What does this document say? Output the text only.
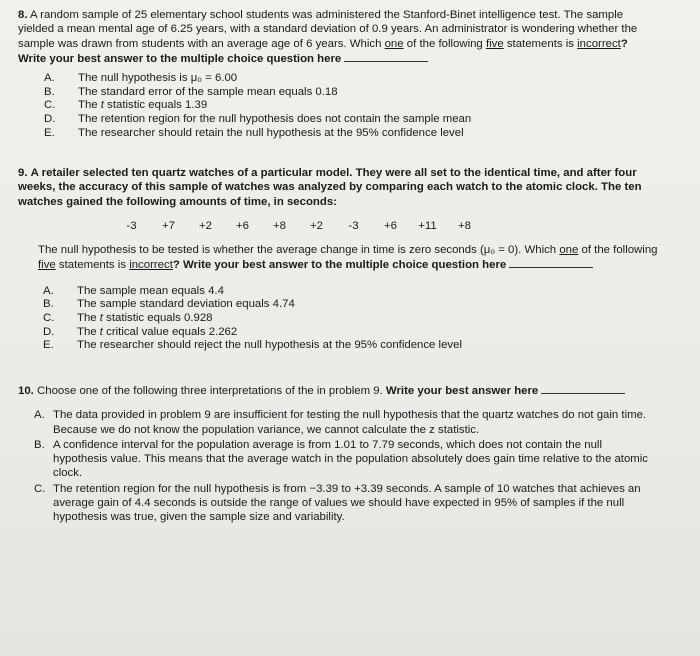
8. A random sample of 25 elementary school students was administered the Stanford-Binet intelligence test. The sample yielded a mean mental age of 6.25 years, with a standard deviation of 0.9 years. An administrator is wondering whether the sample was drawn from students with an average age of 6 years. Which one of the following five statements is incorrect? Write your best answer to the multiple choice question here
A.	The null hypothesis is μ₀ = 6.00
B.	The standard error of the sample mean equals 0.18
C.	The t statistic equals 1.39
D.	The retention region for the null hypothesis does not contain the sample mean
E.	The researcher should retain the null hypothesis at the 95% confidence level
9. A retailer selected ten quartz watches of a particular model. They were all set to the identical time, and after four weeks, the accuracy of this sample of watches was analyzed by comparing each watch to the atomic clock. The ten watches gained the following amounts of time, in seconds:
-3	+7	+2	+6	+8	+2	-3	+6	+11	+8
The null hypothesis to be tested is whether the average change in time is zero seconds (μ₀ = 0). Which one of the following five statements is incorrect? Write your best answer to the multiple choice question here
A.	The sample mean equals 4.4
B.	The sample standard deviation equals 4.74
C.	The t statistic equals 0.928
D.	The t critical value equals 2.262
E.	The researcher should reject the null hypothesis at the 95% confidence level
10. Choose one of the following three interpretations of the in problem 9. Write your best answer here
A. The data provided in problem 9 are insufficient for testing the null hypothesis that the quartz watches do not gain time. Because we do not know the population variance, we cannot calculate the z statistic.
B. A confidence interval for the population average is from 1.01 to 7.79 seconds, which does not contain the null hypothesis value. This means that the average watch in the population absolutely does gain time relative to the atomic clock.
C. The retention region for the null hypothesis is from −3.39 to +3.39 seconds. A sample of 10 watches that achieves an average gain of 4.4 seconds is outside the range of values we should have expected in 95% of samples if the null hypothesis was true, given the sample size and variability.
